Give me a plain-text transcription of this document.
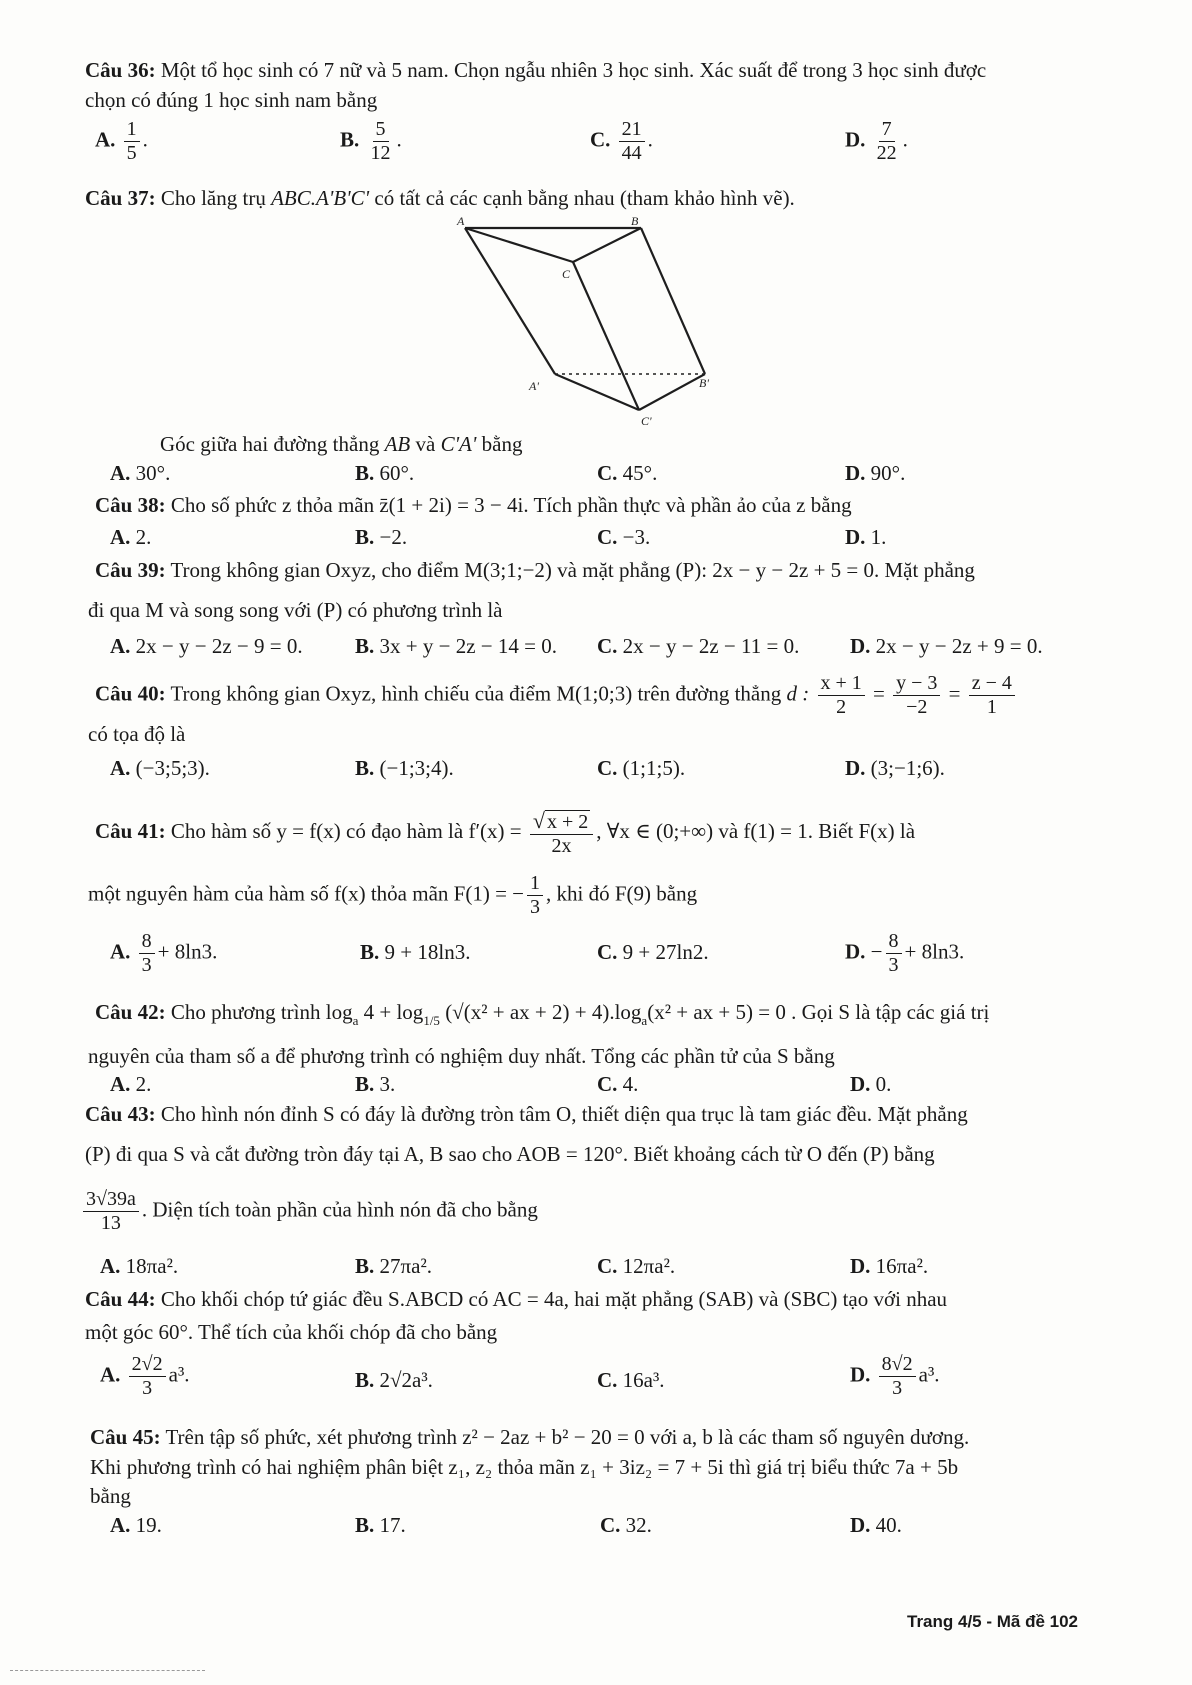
Câu 36: Một tổ học sinh có 7 nữ và 5 nam. Chọn ngẫu nhiên 3 học sinh. Xác suất để trong 3 học sinh được
chọn có đúng 1 học sinh nam bằng
A. $\frac{1}{5}$ .	B. $\frac{5}{12}$ .	C. $\frac{21}{44}$ .	D. $\frac{7}{22}$ .
Câu 37: Cho lăng trụ ABC.A'B'C' có tất cả các cạnh bằng nhau (tham khảo hình vẽ).
A	B
C
A'	B'
C'
Góc giữa hai đường thẳng AB và C'A' bằng
A. 30°.	B. 60°.	C. 45°.	D. 90°.
Câu 38: Cho số phức z thỏa mãn z̄(1 + 2i) = 3 − 4i. Tích phần thực và phần ảo của z bằng
A. 2.	B. −2.	C. −3.	D. 1.
Câu 39: Trong không gian Oxyz, cho điểm M(3;1;−2) và mặt phẳng (P): 2x − y − 2z + 5 = 0. Mặt phẳng
đi qua M và song song với (P) có phương trình là
A. 2x − y − 2z − 9 = 0. B. 3x + y − 2z − 14 = 0. C. 2x − y − 2z − 11 = 0. D. 2x − y − 2z + 9 = 0.
Câu 40: Trong không gian Oxyz, hình chiếu của điểm M(1;0;3) trên đường thẳng d : $\frac{x + 1}{2} = \frac{y - 3}{-2} = \frac{z - 4}{1}$
có tọa độ là
A. (−3;5;3).	B. (−1;3;4).	C. (1;1;5).	D. (3;−1;6).
Câu 41: Cho hàm số y = f(x) có đạo hàm là $f'(x) = \frac{√ x + 2}{2x}$ , ∀x ∈ (0;+∞) và f(1) = 1. Biết F(x) là
một nguyên hàm của hàm số f(x) thỏa mãn F(1) = − $\frac{1}{3}$ , khi đó F(9) bằng
A. $\frac{8}{3} + 8\ln 3$.	B. 9 + 18ln3.	C. 9 + 27ln2.	D. − $\frac{8}{3} + 8\ln 3$.
Câu 42: Cho phương trình $\log_a 4 + \log_{1/5} (√(x^2$ + ax + $2) + 4).\log_a(x^2$ + ax + 5) = 0 . Gọi S là tập các giá trị
nguyên của tham số a để phương trình có nghiệm duy nhất. Tổng các phần tử của S bằng
A. 2.	B. 3.	C. 4.	D. 0.
Câu 43: Cho hình nón đỉnh S có đáy là đường tròn tâm O, thiết diện qua trục là tam giác đều. Mặt phẳng
(P) đi qua S và cắt đường tròn đáy tại A, B sao cho AOB = 120°. Biết khoảng cách từ O đến (P) bằng
$\frac{3√39a}{13}$ . Diện tích toàn phần của hình nón đã cho bằng
A. 18πa².	B. 27πa².	C. 12πa².	D. 16πa².
Câu 44: Cho khối chóp tứ giác đều S.ABCD có AC = 4a, hai mặt phẳng (SAB) và (SBC) tạo với nhau
một góc 60°. Thể tích của khối chóp đã cho bằng
A. $\frac{2√2}{3} a^3$.	B. 2√2a³.	C. 16a³.	D. $\frac{8√2}{3} a^3$.
Câu 45: Trên tập số phức, xét phương trình z² − 2az + b² − 20 = 0 với a, b là các tham số nguyên dương.
Khi phương trình có hai nghiệm phân biệt z₁, z₂ thỏa mãn z₁ + 3iz₂ = 7 + 5i thì giá trị biểu thức 7a + 5b
bằng
A. 19.	B. 17.	C. 32.	D. 40.
Trang 4/5 - Mã đề 102
